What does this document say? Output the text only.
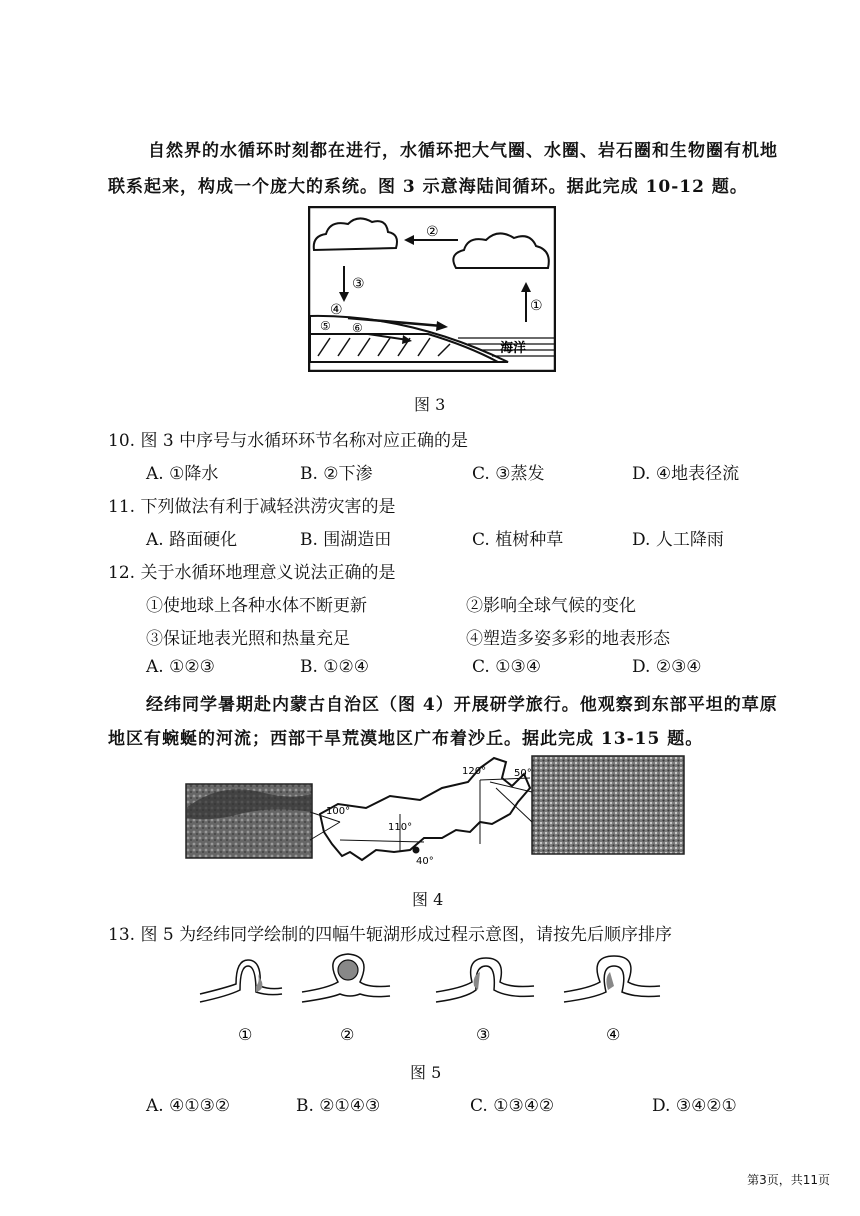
自然界的水循环时刻都在进行，水循环把大气圈、水圈、岩石圈和生物圈有机地
联系起来，构成一个庞大的系统。图 3 示意海陆间循环。据此完成 10-12 题。
②
③
①
海洋
④
⑤ ⑥
图 3
10. 图 3 中序号与水循环环节名称对应正确的是
A. ①降水	B. ②下渗	C. ③蒸发	D. ④地表径流
11. 下列做法有利于减轻洪涝灾害的是
A. 路面硬化	B. 围湖造田	C. 植树种草	D. 人工降雨
12. 关于水循环地理意义说法正确的是
①使地球上各种水体不断更新	②影响全球气候的变化
③保证地表光照和热量充足	④塑造多姿多彩的地表形态
A. ①②③	B. ①②④	C. ①③④	D. ②③④
经纬同学暑期赴内蒙古自治区（图 4）开展研学旅行。他观察到东部平坦的草原
地区有蜿蜒的河流；西部干旱荒漠地区广布着沙丘。据此完成 13-15 题。
100°
110°
120°
40°
50°
图 4
13. 图 5 为经纬同学绘制的四幅牛轭湖形成过程示意图，请按先后顺序排序
①	②	③	④
图 5
A. ④①③②	B. ②①④③	C. ①③④②	D. ③④②①
第3页，共11页
